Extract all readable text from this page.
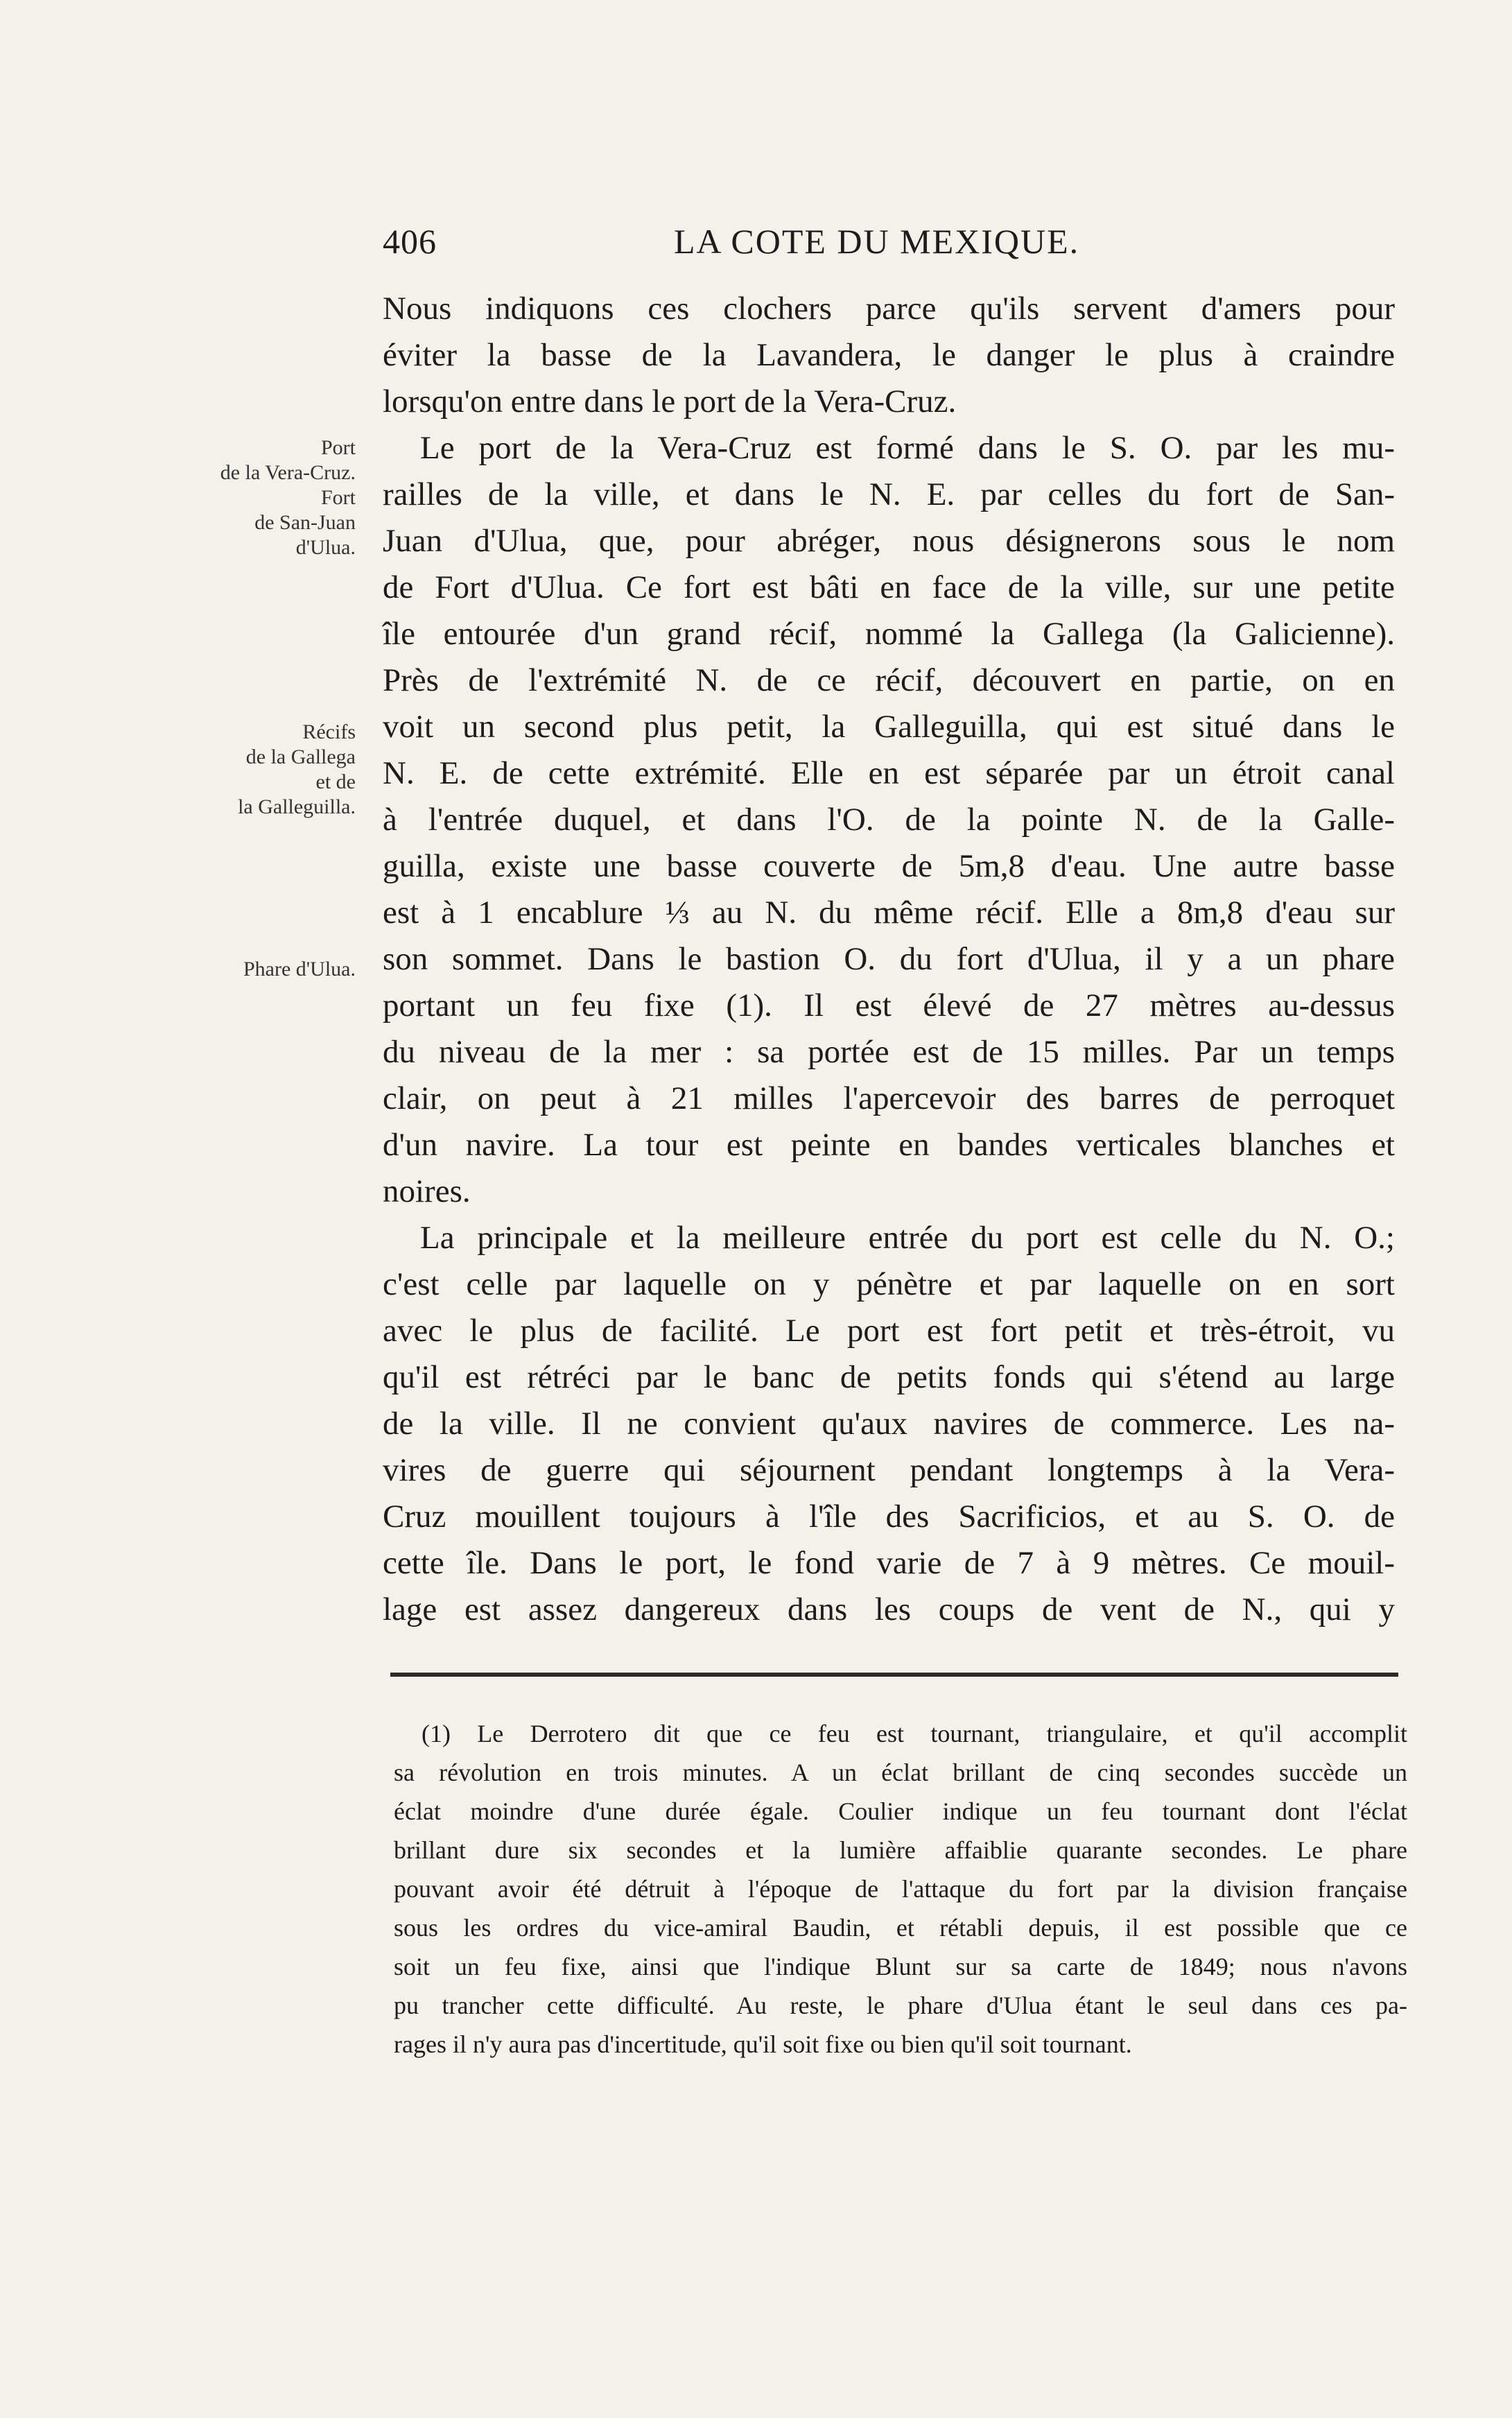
406	LA COTE DU MEXIQUE.
Port
de la Vera-Cruz.
Fort
de San-Juan
d'Ulua.
Récifs
de la Gallega
et de
la Galleguilla.
Phare d'Ulua.
Nous indiquons ces clochers parce qu'ils servent d'amers pour
éviter la basse de la Lavandera, le danger le plus à craindre
lorsqu'on entre dans le port de la Vera-Cruz.
Le port de la Vera-Cruz est formé dans le S. O. par les mu-
railles de la ville, et dans le N. E. par celles du fort de San-
Juan d'Ulua, que, pour abréger, nous désignerons sous le nom
de Fort d'Ulua. Ce fort est bâti en face de la ville, sur une petite
île entourée d'un grand récif, nommé la Gallega (la Galicienne).
Près de l'extrémité N. de ce récif, découvert en partie, on en
voit un second plus petit, la Galleguilla, qui est situé dans le
N. E. de cette extrémité. Elle en est séparée par un étroit canal
à l'entrée duquel, et dans l'O. de la pointe N. de la Galle-
guilla, existe une basse couverte de 5m,8 d'eau. Une autre basse
est à 1 encablure ⅓ au N. du même récif. Elle a 8m,8 d'eau sur
son sommet. Dans le bastion O. du fort d'Ulua, il y a un phare
portant un feu fixe (1). Il est élevé de 27 mètres au-dessus
du niveau de la mer : sa portée est de 15 milles. Par un temps
clair, on peut à 21 milles l'apercevoir des barres de perroquet
d'un navire. La tour est peinte en bandes verticales blanches et
noires.
La principale et la meilleure entrée du port est celle du N. O.;
c'est celle par laquelle on y pénètre et par laquelle on en sort
avec le plus de facilité. Le port est fort petit et très-étroit, vu
qu'il est rétréci par le banc de petits fonds qui s'étend au large
de la ville. Il ne convient qu'aux navires de commerce. Les na-
vires de guerre qui séjournent pendant longtemps à la Vera-
Cruz mouillent toujours à l'île des Sacrificios, et au S. O. de
cette île. Dans le port, le fond varie de 7 à 9 mètres. Ce mouil-
lage est assez dangereux dans les coups de vent de N., qui y
(1) Le Derrotero dit que ce feu est tournant, triangulaire, et qu'il accomplit
sa révolution en trois minutes. A un éclat brillant de cinq secondes succède un
éclat moindre d'une durée égale. Coulier indique un feu tournant dont l'éclat
brillant dure six secondes et la lumière affaiblie quarante secondes. Le phare
pouvant avoir été détruit à l'époque de l'attaque du fort par la division française
sous les ordres du vice-amiral Baudin, et rétabli depuis, il est possible que ce
soit un feu fixe, ainsi que l'indique Blunt sur sa carte de 1849; nous n'avons
pu trancher cette difficulté. Au reste, le phare d'Ulua étant le seul dans ces pa-
rages il n'y aura pas d'incertitude, qu'il soit fixe ou bien qu'il soit tournant.
